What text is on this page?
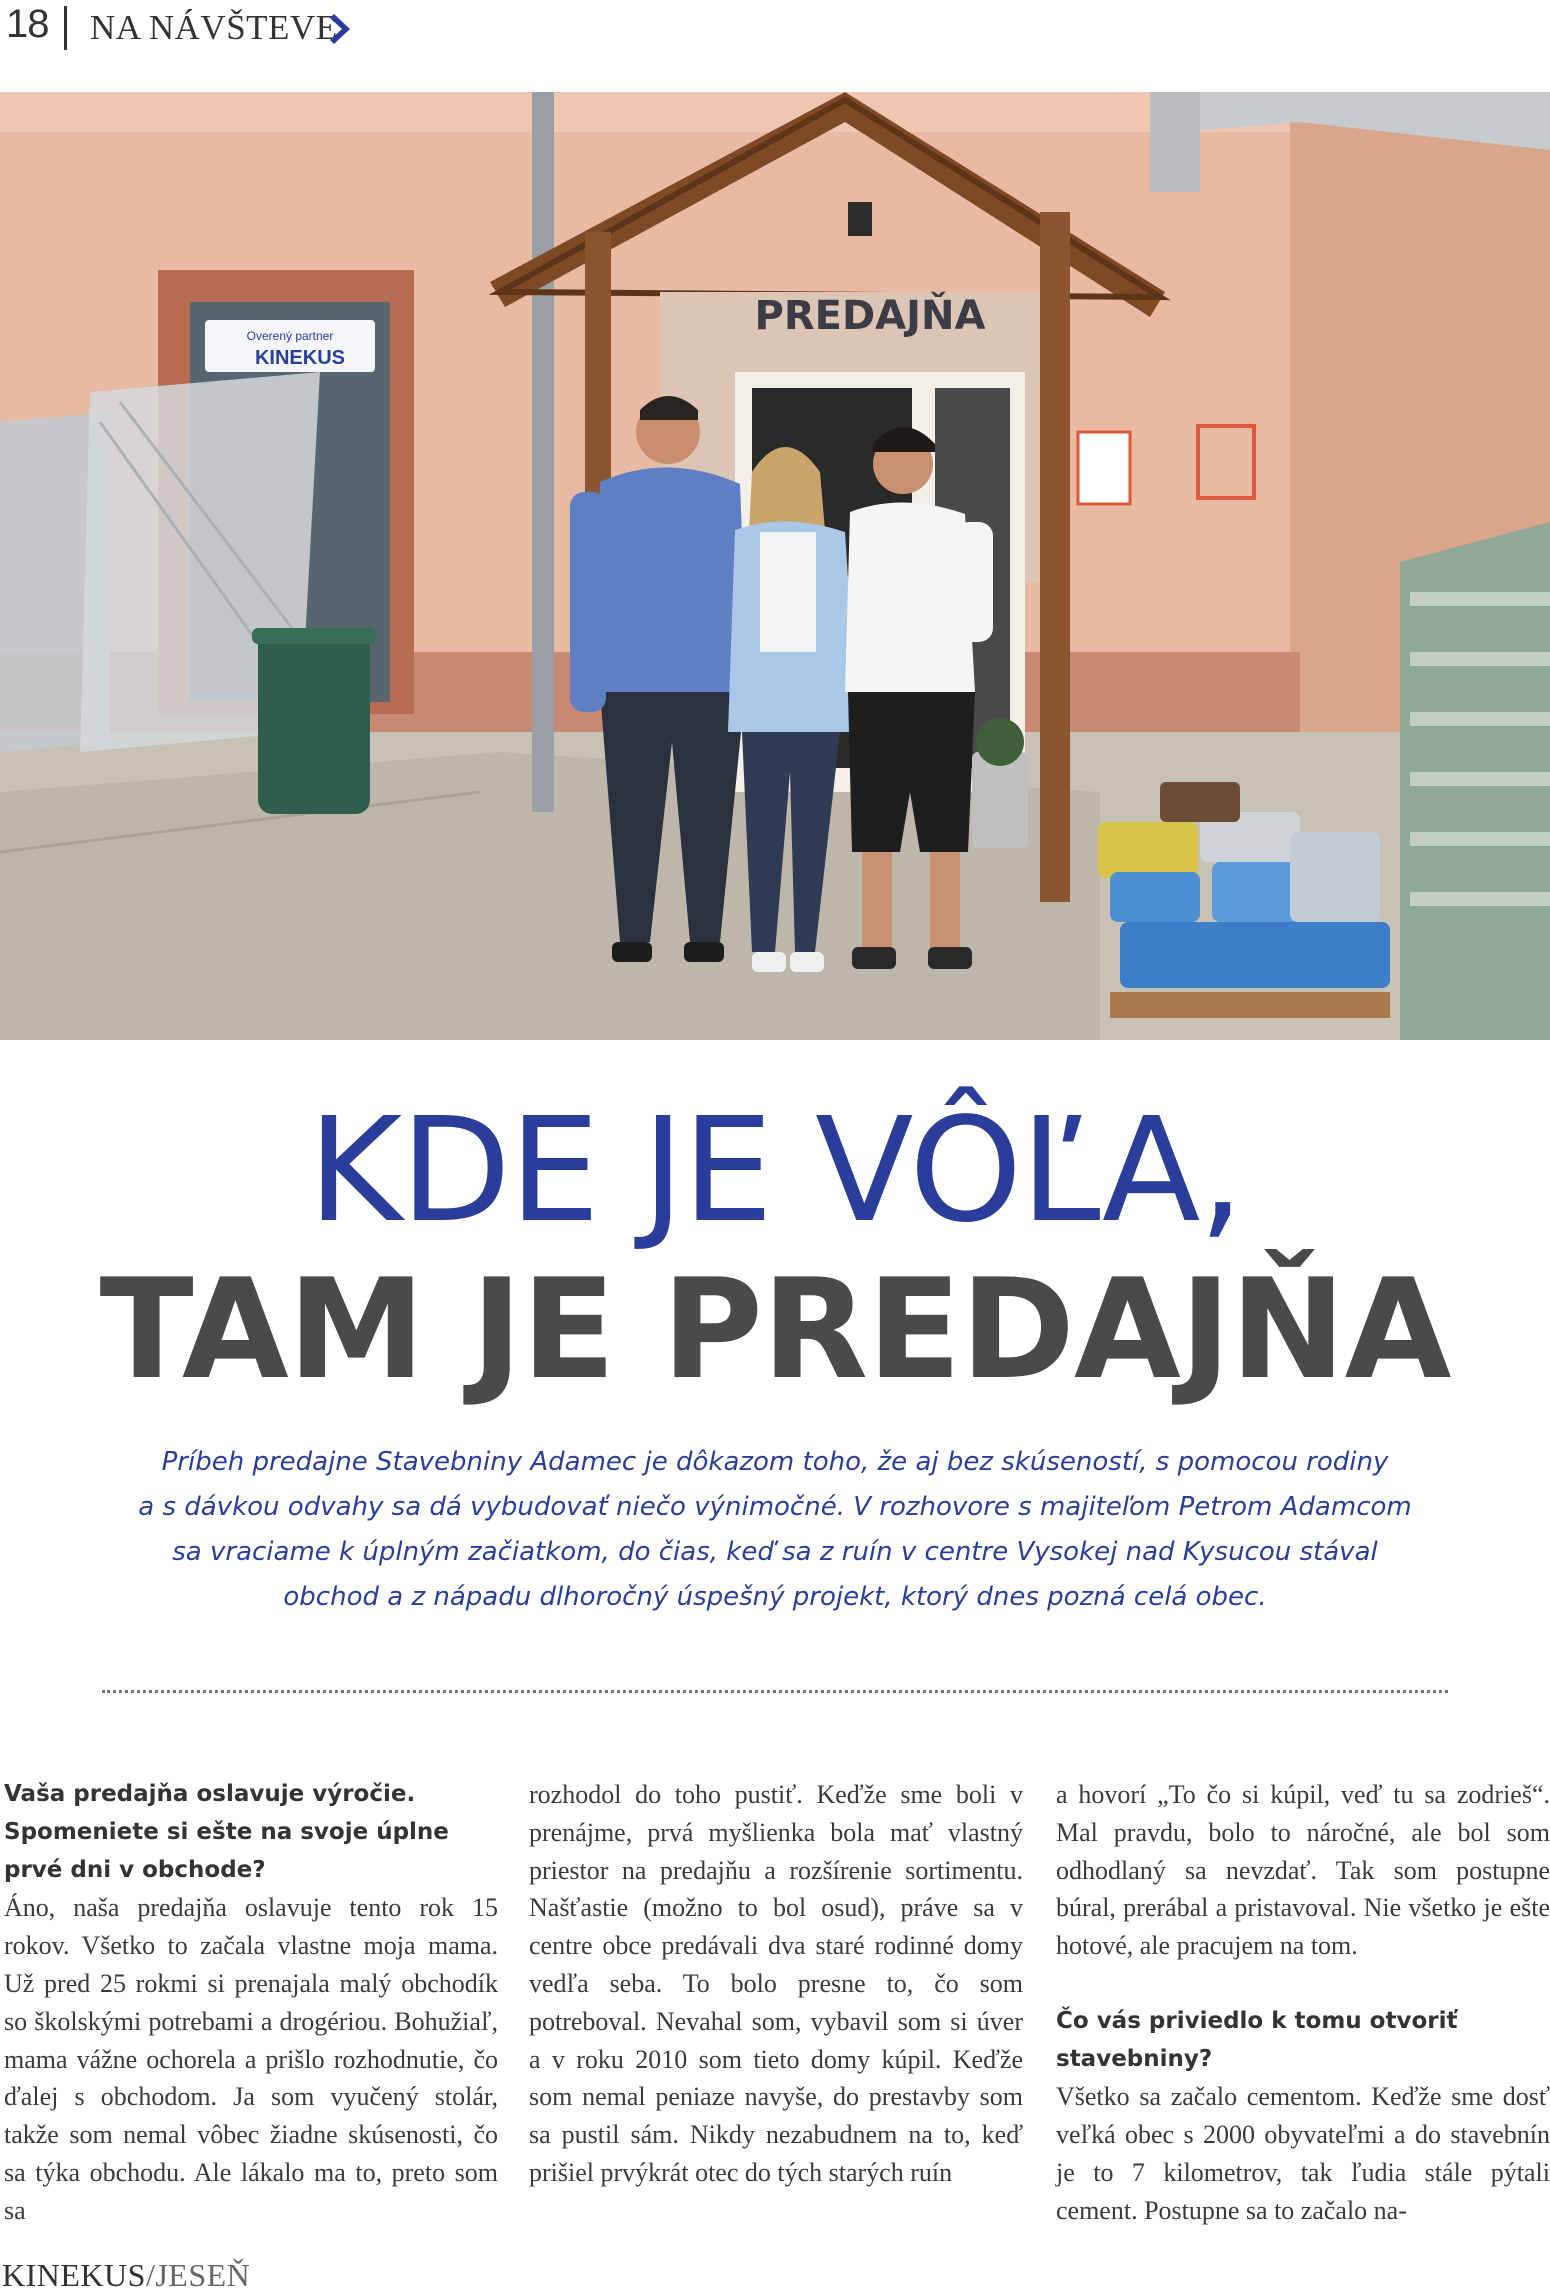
18 NA NÁVŠTEVE
Overený partner
KINEKUS
PREDAJŇA
KDE JE VÔĽA,
TAM JE PREDAJŇA
Príbeh predajne Stavebniny Adamec je dôkazom toho, že aj bez skúseností, s pomocou rodiny
a s dávkou odvahy sa dá vybudovať niečo výnimočné. V rozhovore s majiteľom Petrom Adamcom
sa vraciame k úplným začiatkom, do čias, keď sa z ruín v centre Vysokej nad Kysucou stával
obchod a z nápadu dlhoročný úspešný projekt, ktorý dnes pozná celá obec.

Vaša predajňa oslavuje výročie. Spomeniete si ešte na svoje úplne prvé dni v obchode?

Áno, naša predajňa oslavuje tento rok 15 rokov. Všetko to začala vlastne moja mama. Už pred 25 rokmi si prenajala malý obchodík so školskými potrebami a drogériou. Bohužiaľ, mama vážne ochorela a prišlo rozhodnutie, čo ďalej s obchodom. Ja som vyučený stolár, takže som nemal vôbec žiadne skúsenosti, čo sa týka obchodu. Ale lákalo ma to, preto som sa

rozhodol do toho pustiť. Keďže sme boli v prenájme, prvá myšlienka bola mať vlastný priestor na predajňu a rozšírenie sortimentu. Našťastie (možno to bol osud), práve sa v centre obce predávali dva staré rodinné domy vedľa seba. To bolo presne to, čo som potreboval. Nevahal som, vybavil som si úver a v roku 2010 som tieto domy kúpil. Keďže som nemal peniaze navyše, do prestavby som sa pustil sám. Nikdy nezabudnem na to, keď prišiel prvýkrát otec do tých starých ruín

a hovorí „To čo si kúpil, veď tu sa zodrieš“. Mal pravdu, bolo to náročné, ale bol som odhodlaný sa nevzdať. Tak som postupne búral, prerábal a pristavoval. Nie všetko je ešte hotové, ale pracujem na tom.

Čo vás priviedlo k tomu otvoriť stavebniny?

Všetko sa začalo cementom. Keďže sme dosť veľká obec s 2000 obyvateľmi a do stavebnín je to 7 kilometrov, tak ľudia stále pýtali cement. Postupne sa to začalo na-

KINEKUS/JESEŇ
